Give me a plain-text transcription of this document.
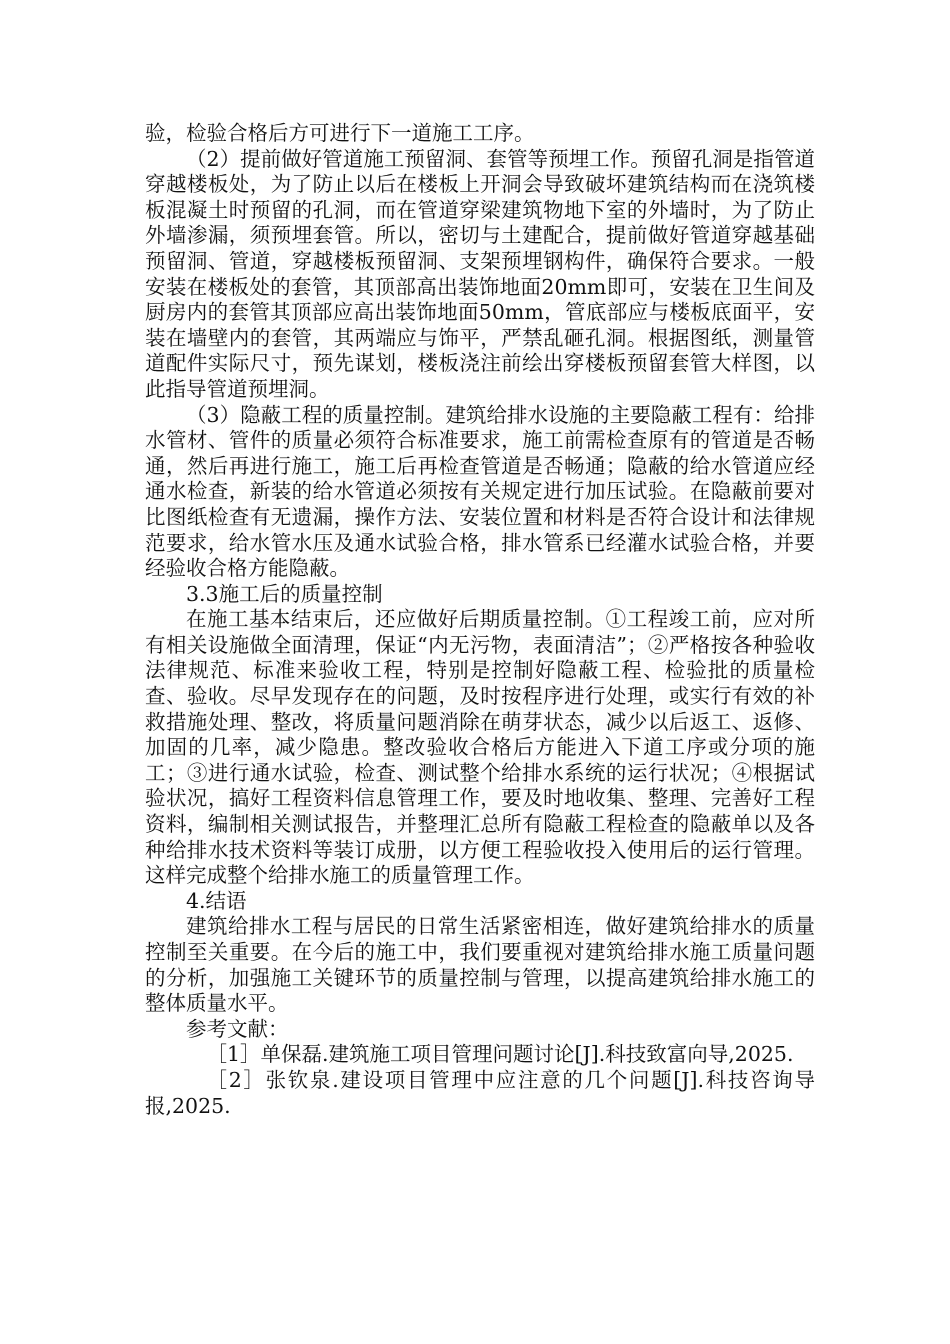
验，检验合格后方可进行下一道施工工序。

（2）提前做好管道施工预留洞、套管等预埋工作。预留孔洞是指管道穿越楼板处，为了防止以后在楼板上开洞会导致破坏建筑结构而在浇筑楼板混凝土时预留的孔洞，而在管道穿梁建筑物地下室的外墙时，为了防止外墙渗漏，须预埋套管。所以，密切与土建配合，提前做好管道穿越基础预留洞、管道，穿越楼板预留洞、支架预埋钢构件，确保符合要求。一般安装在楼板处的套管，其顶部高出装饰地面20mm即可，安装在卫生间及厨房内的套管其顶部应高出装饰地面50mm，管底部应与楼板底面平，安装在墙壁内的套管，其两端应与饰平，严禁乱砸孔洞。根据图纸，测量管道配件实际尺寸，预先谋划，楼板浇注前绘出穿楼板预留套管大样图，以此指导管道预埋洞。

（3）隐蔽工程的质量控制。建筑给排水设施的主要隐蔽工程有：给排水管材、管件的质量必须符合标准要求，施工前需检查原有的管道是否畅通，然后再进行施工，施工后再检查管道是否畅通；隐蔽的给水管道应经通水检查，新装的给水管道必须按有关规定进行加压试验。在隐蔽前要对比图纸检查有无遗漏，操作方法、安装位置和材料是否符合设计和法律规范要求，给水管水压及通水试验合格，排水管系已经灌水试验合格，并要经验收合格方能隐蔽。

3.3施工后的质量控制

在施工基本结束后，还应做好后期质量控制。①工程竣工前，应对所有相关设施做全面清理，保证“内无污物，表面清洁”；②严格按各种验收法律规范、标准来验收工程，特别是控制好隐蔽工程、检验批的质量检查、验收。尽早发现存在的问题，及时按程序进行处理，或实行有效的补救措施处理、整改，将质量问题消除在萌芽状态，减少以后返工、返修、加固的几率，减少隐患。整改验收合格后方能进入下道工序或分项的施工；③进行通水试验，检查、测试整个给排水系统的运行状况；④根据试验状况，搞好工程资料信息管理工作，要及时地收集、整理、完善好工程资料，编制相关测试报告，并整理汇总所有隐蔽工程检查的隐蔽单以及各种给排水技术资料等装订成册，以方便工程验收投入使用后的运行管理。这样完成整个给排水施工的质量管理工作。

4.结语

建筑给排水工程与居民的日常生活紧密相连，做好建筑给排水的质量控制至关重要。在今后的施工中，我们要重视对建筑给排水施工质量问题的分析，加强施工关键环节的质量控制与管理，以提高建筑给排水施工的整体质量水平。

参考文献：

［1］单保磊.建筑施工项目管理问题讨论[J].科技致富向导,2025.

［2］张钦泉.建设项目管理中应注意的几个问题[J].科技咨询导报,2025.
